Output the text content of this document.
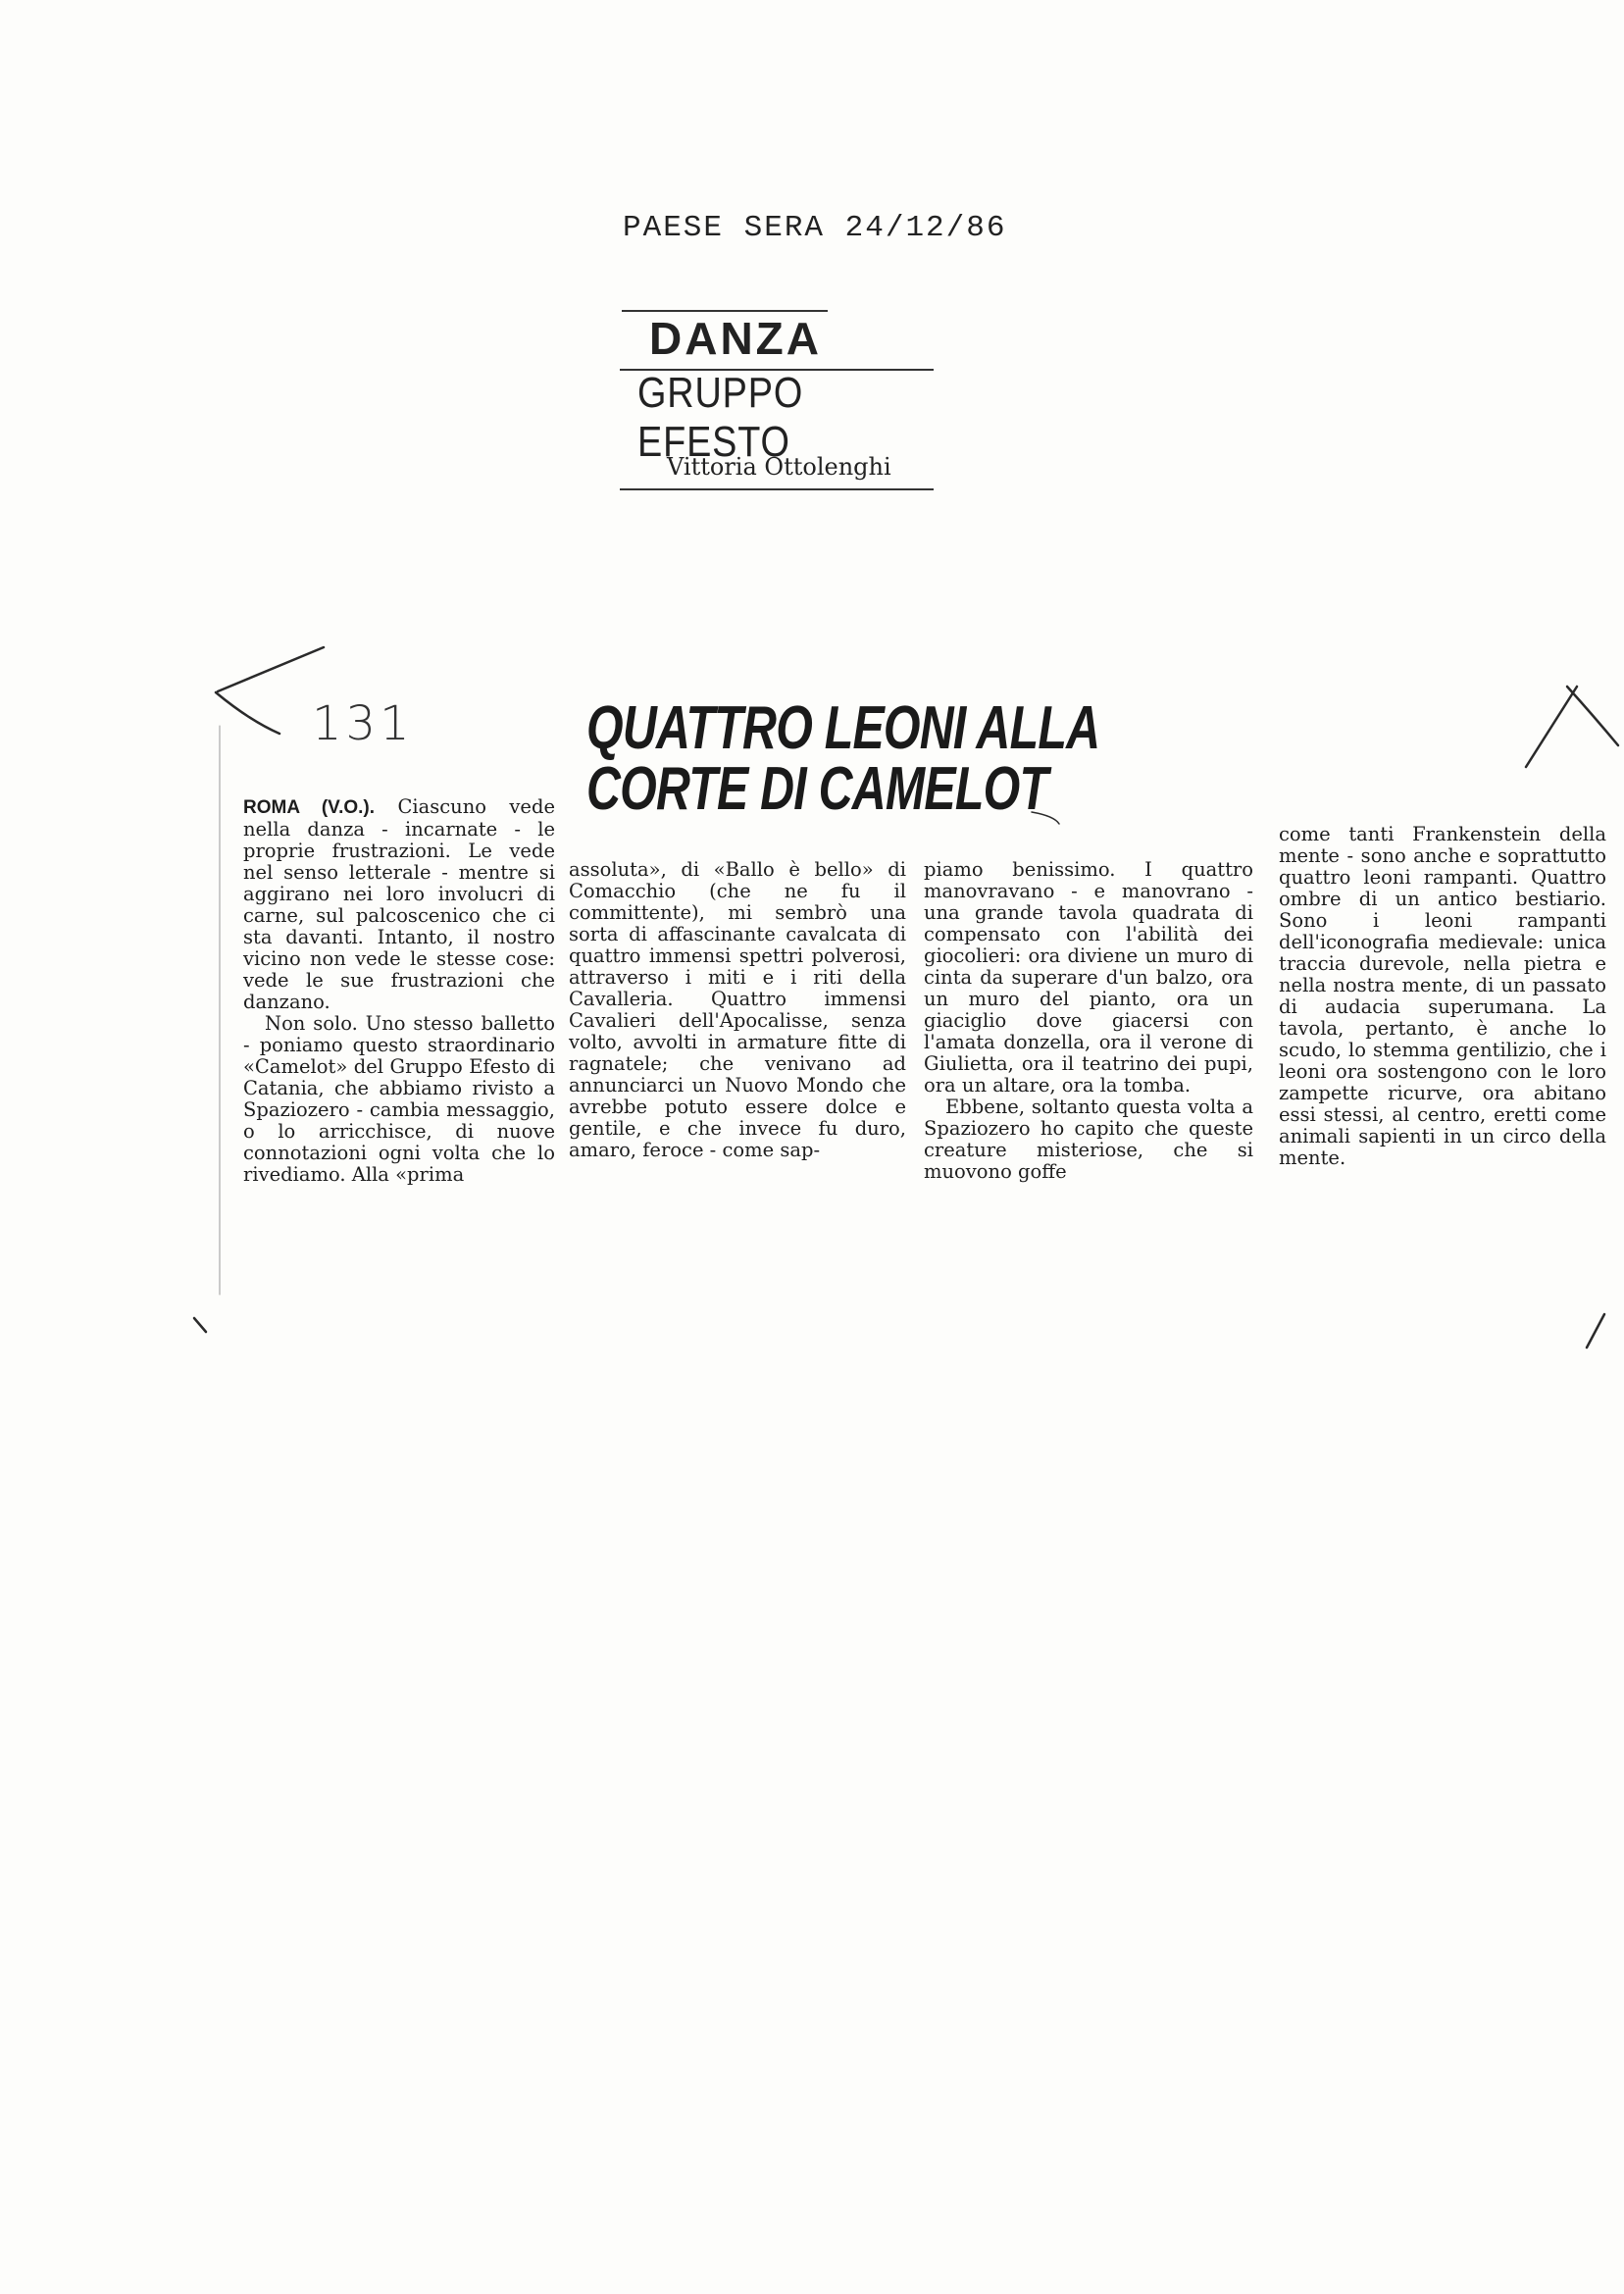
PAESE SERA 24/12/86
DANZA
GRUPPO EFESTO
Vittoria Ottolenghi
131	QUATTRO LEONI ALLA
CORTE DI CAMELOT

ROMA (V.O.). Ciascuno vede nella danza - incarnate - le proprie frustrazioni. Le vede nel senso letterale - mentre si aggirano nei loro involucri di carne, sul palcoscenico che ci sta davanti. Intanto, il nostro vicino non vede le stesse cose: vede le sue frustrazioni che danzano.

Non solo. Uno stesso balletto - poniamo questo straordinario «Camelot» del Gruppo Efesto di Catania, che abbiamo rivisto a Spaziozero - cambia messaggio, o lo arricchisce, di nuove connotazioni ogni volta che lo rivediamo. Alla «prima

assoluta», di «Ballo è bello» di Comacchio (che ne fu il committente), mi sembrò una sorta di affascinante cavalcata di quattro immensi spettri polverosi, attraverso i miti e i riti della Cavalleria. Quattro immensi Cavalieri dell'Apocalisse, senza volto, avvolti in armature fitte di ragnatele; che venivano ad annunciarci un Nuovo Mondo che avrebbe potuto essere dolce e gentile, e che invece fu duro, amaro, feroce - come sap-

piamo benissimo. I quattro manovravano - e manovrano - una grande tavola quadrata di compensato con l'abilità dei giocolieri: ora diviene un muro di cinta da superare d'un balzo, ora un muro del pianto, ora un giaciglio dove giacersi con l'amata donzella, ora il verone di Giulietta, ora il teatrino dei pupi, ora un altare, ora la tomba.

Ebbene, soltanto questa volta a Spaziozero ho capito che queste creature misteriose, che si muovono goffe

come tanti Frankenstein della mente - sono anche e soprattutto quattro leoni rampanti. Quattro ombre di un antico bestiario. Sono i leoni rampanti dell'iconografia medievale: unica traccia durevole, nella pietra e nella nostra mente, di un passato di audacia superumana. La tavola, pertanto, è anche lo scudo, lo stemma gentilizio, che i leoni ora sostengono con le loro zampette ricurve, ora abitano essi stessi, al centro, eretti come animali sapienti in un circo della mente.
